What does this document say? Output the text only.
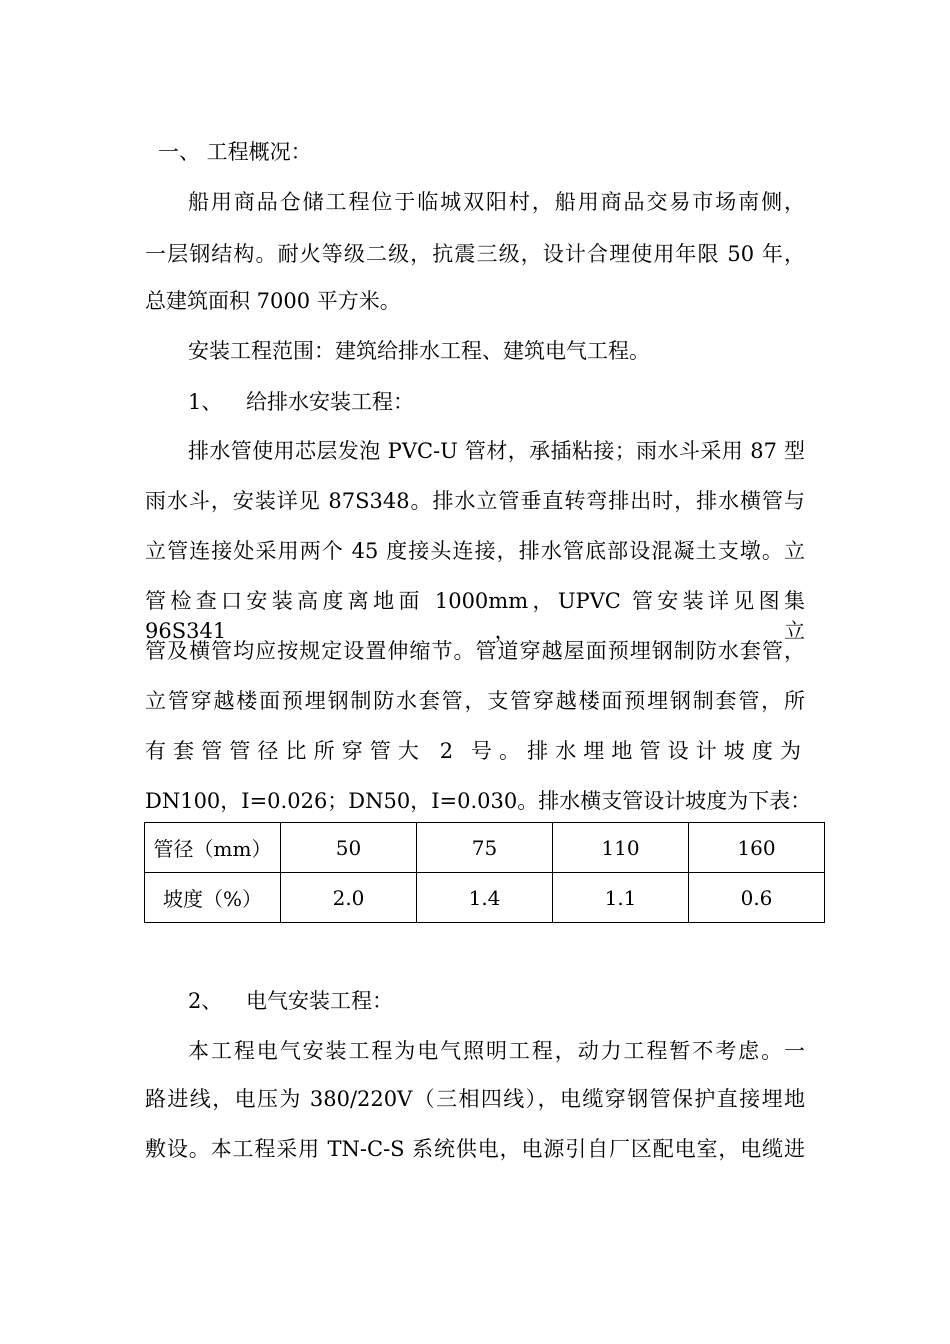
一、 工程概况：
船用商品仓储工程位于临城双阳村，船用商品交易市场南侧，
一层钢结构。耐火等级二级，抗震三级，设计合理使用年限 50 年，
总建筑面积 7000 平方米。
安装工程范围：建筑给排水工程、建筑电气工程。
1、 给排水安装工程：
排水管使用芯层发泡 PVC-U 管材，承插粘接；雨水斗采用 87 型
雨水斗，安装详见 87S348。排水立管垂直转弯排出时，排水横管与
立管连接处采用两个 45 度接头连接，排水管底部设混凝土支墩。立
管检查口安装高度离地面 1000mm，UPVC 管安装详见图集 96S341，立
管及横管均应按规定设置伸缩节。管道穿越屋面预埋钢制防水套管，
立管穿越楼面预埋钢制防水套管，支管穿越楼面预埋钢制套管，所
有套管管径比所穿管大 2 号。排水埋地管设计坡度为
DN100，I=0.026；DN50，I=0.030。排水横支管设计坡度为下表：
管径（mm）	50	75	110	160
坡度（%）	2.0	1.4	1.1	0.6
2、 电气安装工程：
本工程电气安装工程为电气照明工程，动力工程暂不考虑。一
路进线，电压为 380/220V（三相四线），电缆穿钢管保护直接埋地
敷设。本工程采用 TN-C-S 系统供电，电源引自厂区配电室，电缆进
